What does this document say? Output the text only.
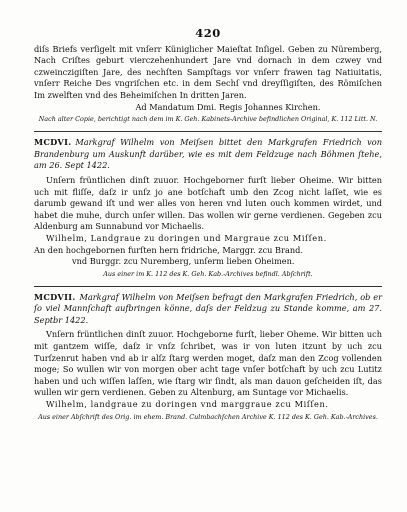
420

diſs Briefs verſigelt mit vnſerr Küniglicher Maieſtat Inſigel. Geben zu Nüremberg, Nach Criſtes geburt vierczehenhundert Jare vnd dornach in dem czwey vnd czweinczigiſten Jare, des nechſten Sampſtags vor vnſerr frawen tag Natiuitatis, vnſerr Reiche Des vngriſchen etc. in dem Sechſ vnd dreyſſigiſten, des Römiſchen Im zwelften vnd des Beheimiſchen In dritten Jaren.

Ad Mandatum Dmi. Regis Johannes Kirchen.

Nach alter Copie, berichtigt nach dem im K. Geh. Kabinets-Archive befindlichen Original, K. 112 Litt. N.

MCDVI. Markgraf Wilhelm von Meiſsen bittet den Markgrafen Friedrich von Brandenburg um Auskunft darüber, wie es mit dem Feldzuge nach Böhmen ſtehe, am 26. Sept 1422.

Unſern früntlichen dinſt zuuor. Hochgeborner furſt lieber Oheime. Wir bitten uch mit fliſſe, daſz ir unſz jo ane botſchaft umb den Zcog nicht laſſet, wie es darumb gewand iſt und wer alles von heren vnd luten ouch kommen wirdet, und habet die muhe, durch unſer willen. Das wollen wir gerne verdienen. Gegeben zcu Aldenburg am Sunnabund vor Michaelis.

Wilhelm, Landgraue zu doringen und Margraue zcu Miſſen.

An den hochgebornen furſten hern fridriche, Marggr. zcu Brand.

vnd Burggr. zcu Nuremberg, unſerm lieben Oheimen.

Aus einer im K. 112 des K. Geh. Kab.-Archives befindl. Abſchrift.

MCDVII. Markgraf Wilhelm von Meiſsen befragt den Markgrafen Friedrich, ob er ſo viel Mannſchaft aufbringen könne, daſs der Feldzug zu Stande komme, am 27. Septbr 1422.

Vnſern früntlichen dinſt zuuor. Hochgeborne furſt, lieber Oheme. Wir bitten uch mit gantzem wiſſe, daſz ir vnſz ſchribet, was ir von luten itzunt by uch zcu Turſzenrut haben vnd ab ir alſz ſtarg werden moget, daſz man den Zcog vollenden moge; So wullen wir von morgen ober acht tage vnſer botſchaft by uch zcu Lutitz haben und uch wiſſen laſſen, wie ſtarg wir ſindt, als man dauon geſcheiden iſt, das wullen wir gern verdienen. Geben zu Altenburg, am Suntage vor Michaelis.

Wilhelm, landgraue zu doringen vnd marggraue zcu Miſſen.

Aus einer Abſchrift des Orig. im ehem. Brand. Culmbachſchen Archive K. 112 des K. Geh. Kab.-Archives.
